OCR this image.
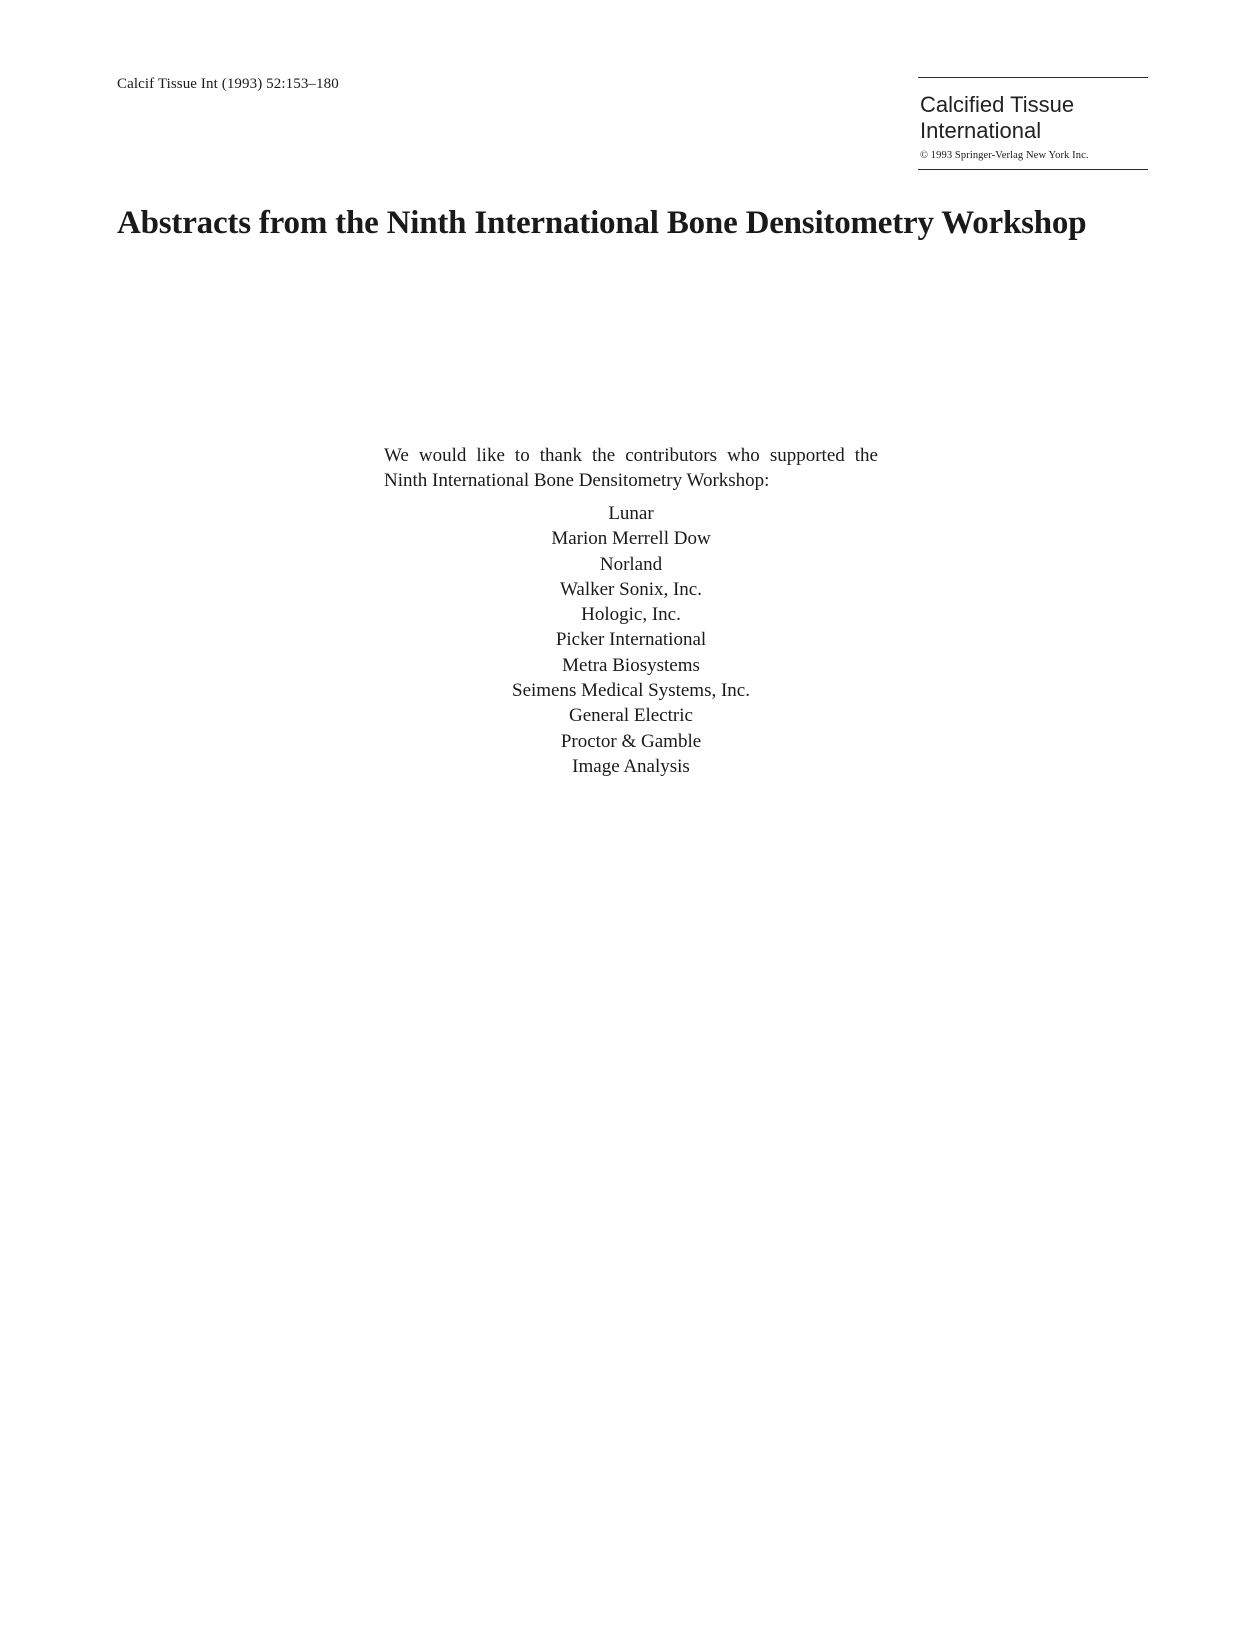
Calcif Tissue Int (1993) 52:153–180
Calcified Tissue
International
© 1993 Springer-Verlag New York Inc.
Abstracts from the Ninth International Bone Densitometry Workshop
We would like to thank the contributors who supported the Ninth International Bone Densitometry Workshop:
Lunar
Marion Merrell Dow
Norland
Walker Sonix, Inc.
Hologic, Inc.
Picker International
Metra Biosystems
Seimens Medical Systems, Inc.
General Electric
Proctor & Gamble
Image Analysis
